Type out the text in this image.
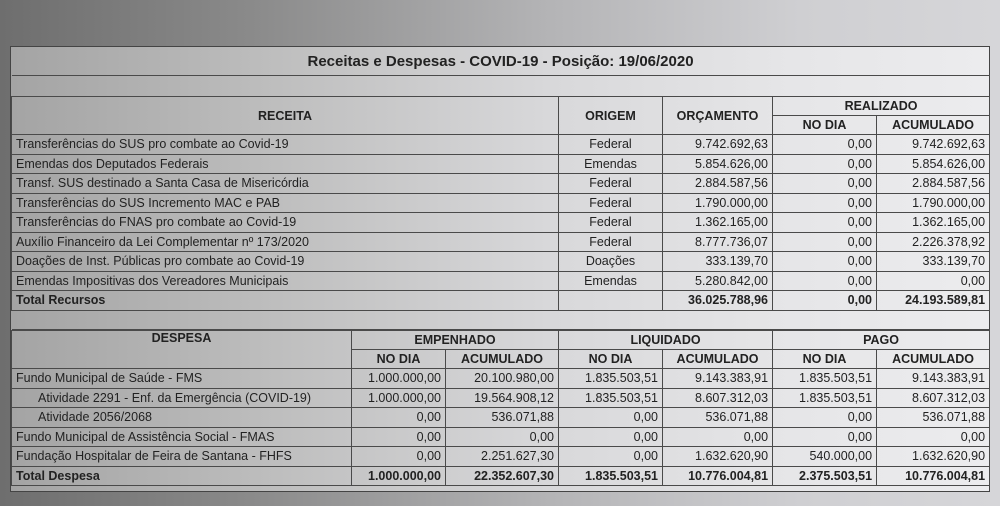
Receitas e Despesas - COVID-19 - Posição: 19/06/2020				

RECEITA	ORIGEM	ORÇAMENTO	REALIZADO	
			NO DIA	ACUMULADO
Transferências do SUS pro combate ao Covid-19	Federal	9.742.692,63	0,00	9.742.692,63
Emendas dos Deputados Federais	Emendas	5.854.626,00	0,00	5.854.626,00
Transf. SUS destinado a Santa Casa de Misericórdia	Federal	2.884.587,56	0,00	2.884.587,56
Transferências do SUS Incremento MAC e PAB	Federal	1.790.000,00	0,00	1.790.000,00
Transferências do FNAS pro combate ao Covid-19	Federal	1.362.165,00	0,00	1.362.165,00
Auxílio Financeiro da Lei Complementar nº 173/2020	Federal	8.777.736,07	0,00	2.226.378,92
Doações de Inst. Públicas pro combate ao Covid-19	Doações	333.139,70	0,00	333.139,70
Emendas Impositivas dos Vereadores Municipais	Emendas	5.280.842,00	0,00	0,00
Total Recursos		36.025.788,96	0,00	24.193.589,81

DESPESA	EMPENHADO		LIQUIDADO		PAGO	
	NO DIA	ACUMULADO	NO DIA	ACUMULADO	NO DIA	ACUMULADO
Fundo Municipal de Saúde - FMS	1.000.000,00	20.100.980,00	1.835.503,51	9.143.383,91	1.835.503,51	9.143.383,91
Atividade 2291 - Enf. da Emergência (COVID-19)	1.000.000,00	19.564.908,12	1.835.503,51	8.607.312,03	1.835.503,51	8.607.312,03
Atividade 2056/2068	0,00	536.071,88	0,00	536.071,88	0,00	536.071,88
Fundo Municipal de Assistência Social - FMAS	0,00	0,00	0,00	0,00	0,00	0,00
Fundação Hospitalar de Feira de Santana - FHFS	0,00	2.251.627,30	0,00	1.632.620,90	540.000,00	1.632.620,90
Total Despesa	1.000.000,00	22.352.607,30	1.835.503,51	10.776.004,81	2.375.503,51	10.776.004,81
